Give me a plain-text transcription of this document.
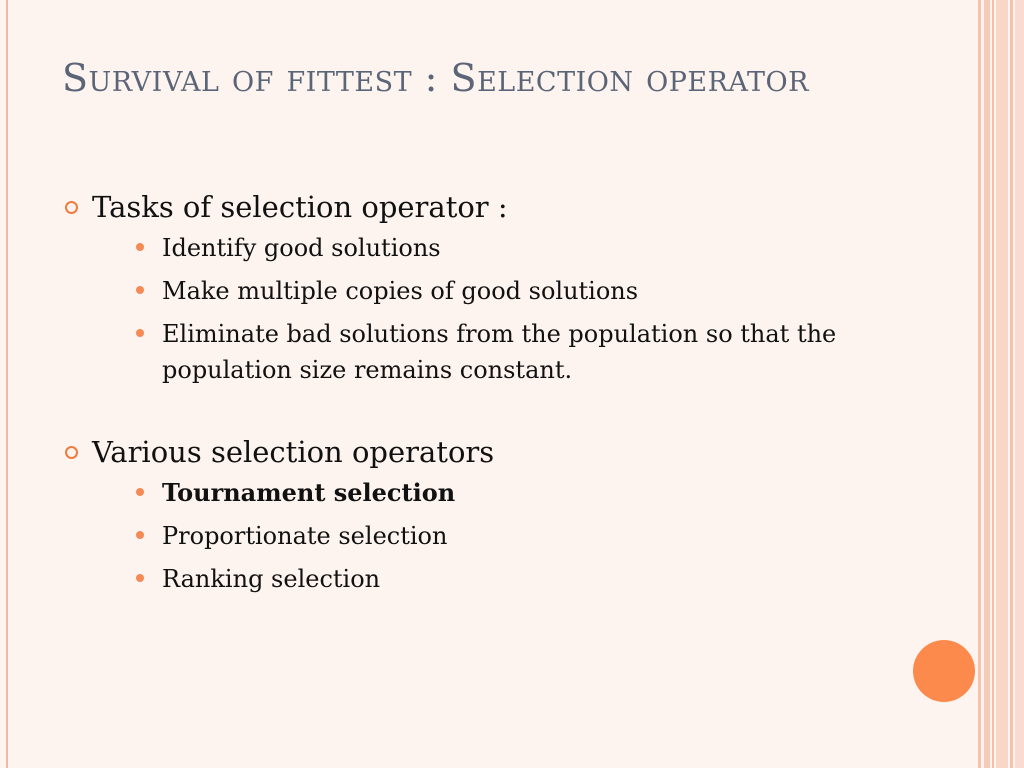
Survival of fittest : Selection operator
Tasks of selection operator :
Identify good solutions
Make multiple copies of good solutions
Eliminate bad solutions from the population so that the population size remains constant.
Various selection operators
Tournament selection
Proportionate selection
Ranking selection
